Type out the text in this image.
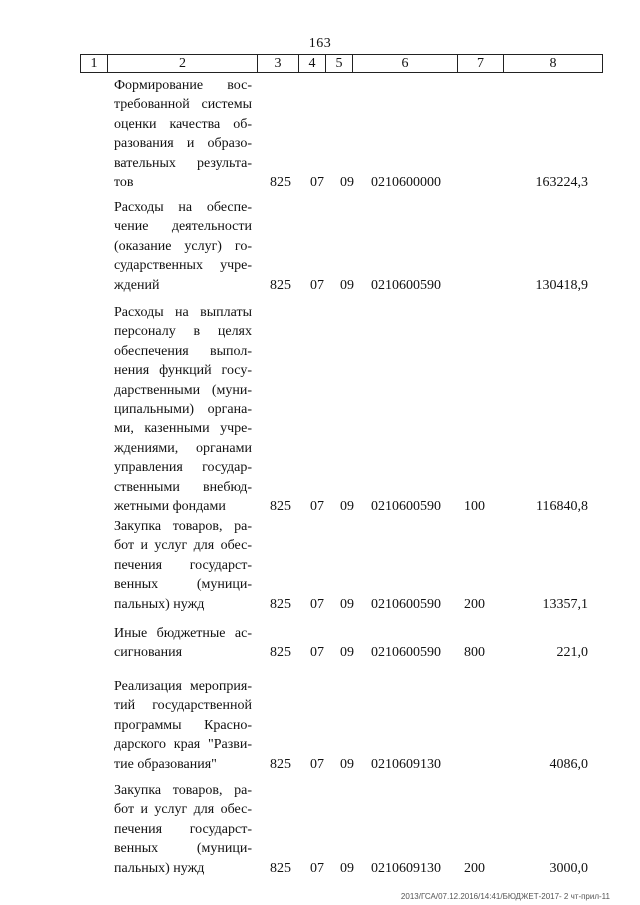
163
1	2	3	4	5	6	7	8
Формирование вос-
требованной системы
оценки качества об-
разования и образо-
вательных результа-
тов	825 07 09 0210600000	163224,3
Расходы на обеспе-
чение деятельности
(оказание услуг) го-
сударственных учре-
ждений	825 07 09 0210600590	130418,9
Расходы на выплаты
персоналу в целях
обеспечения выпол-
нения функций госу-
дарственными (муни-
ципальными) органа-
ми, казенными учре-
ждениями, органами
управления государ-
ственными внебюд-
жетными фондами	825 07 09 0210600590 100	116840,8
Закупка товаров, ра-
бот и услуг для обес-
печения государст-
венных (муници-
пальных) нужд	825 07 09 0210600590 200	13357,1
Иные бюджетные ас-
сигнования	825 07 09 0210600590 800	221,0
Реализация мероприя-
тий государственной
программы Красно-
дарского края "Разви-
тие образования"	825 07 09 0210609130	4086,0
Закупка товаров, ра-
бот и услуг для обес-
печения государст-
венных (муници-
пальных) нужд	825 07 09 0210609130 200	3000,0
2013/ГСА/07.12.2016/14:41/БЮДЖЕТ-2017- 2 чт-прил-11
